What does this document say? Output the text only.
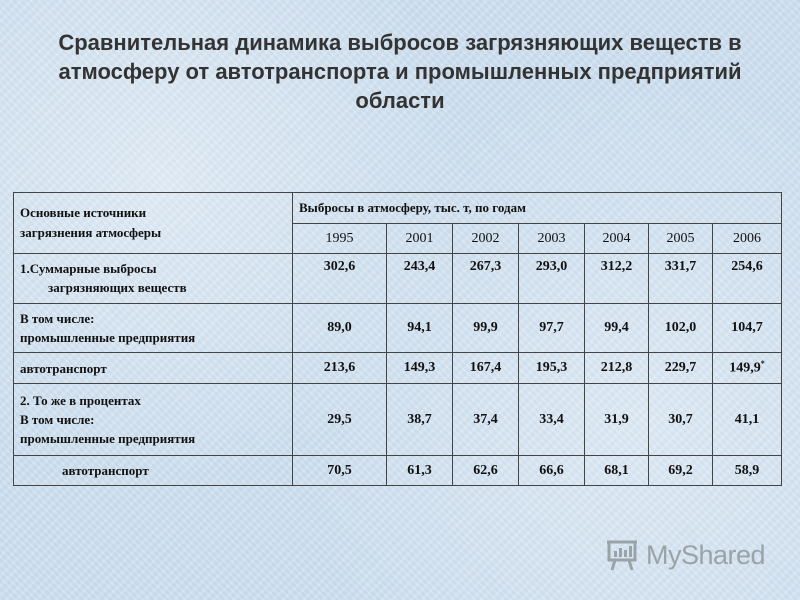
Сравнительная динамика выбросов загрязняющих веществ в атмосферу от автотранспорта и промышленных предприятий области
Основные источники
загрязнения атмосферы	Выбросы в атмосферу, тыс. т, по годам						
	1995	2001	2002	2003	2004	2005	2006
1.Суммарные выбросы
загрязняющих веществ	302,6	243,4	267,3	293,0	312,2	331,7	254,6

В том числе:
промышленные предприятия	89,0	94,1	99,9	97,7	99,4	102,0	104,7
автотранспорт	213,6	149,3	167,4	195,3	212,8	229,7	149,9*

2. То же в процентах
В том числе:
промышленные предприятия	29,5	38,7	37,4	33,4	31,9	30,7	41,1
автотранспорт	70,5	61,3	62,6	66,6	68,1	69,2	58,9
MyShared
